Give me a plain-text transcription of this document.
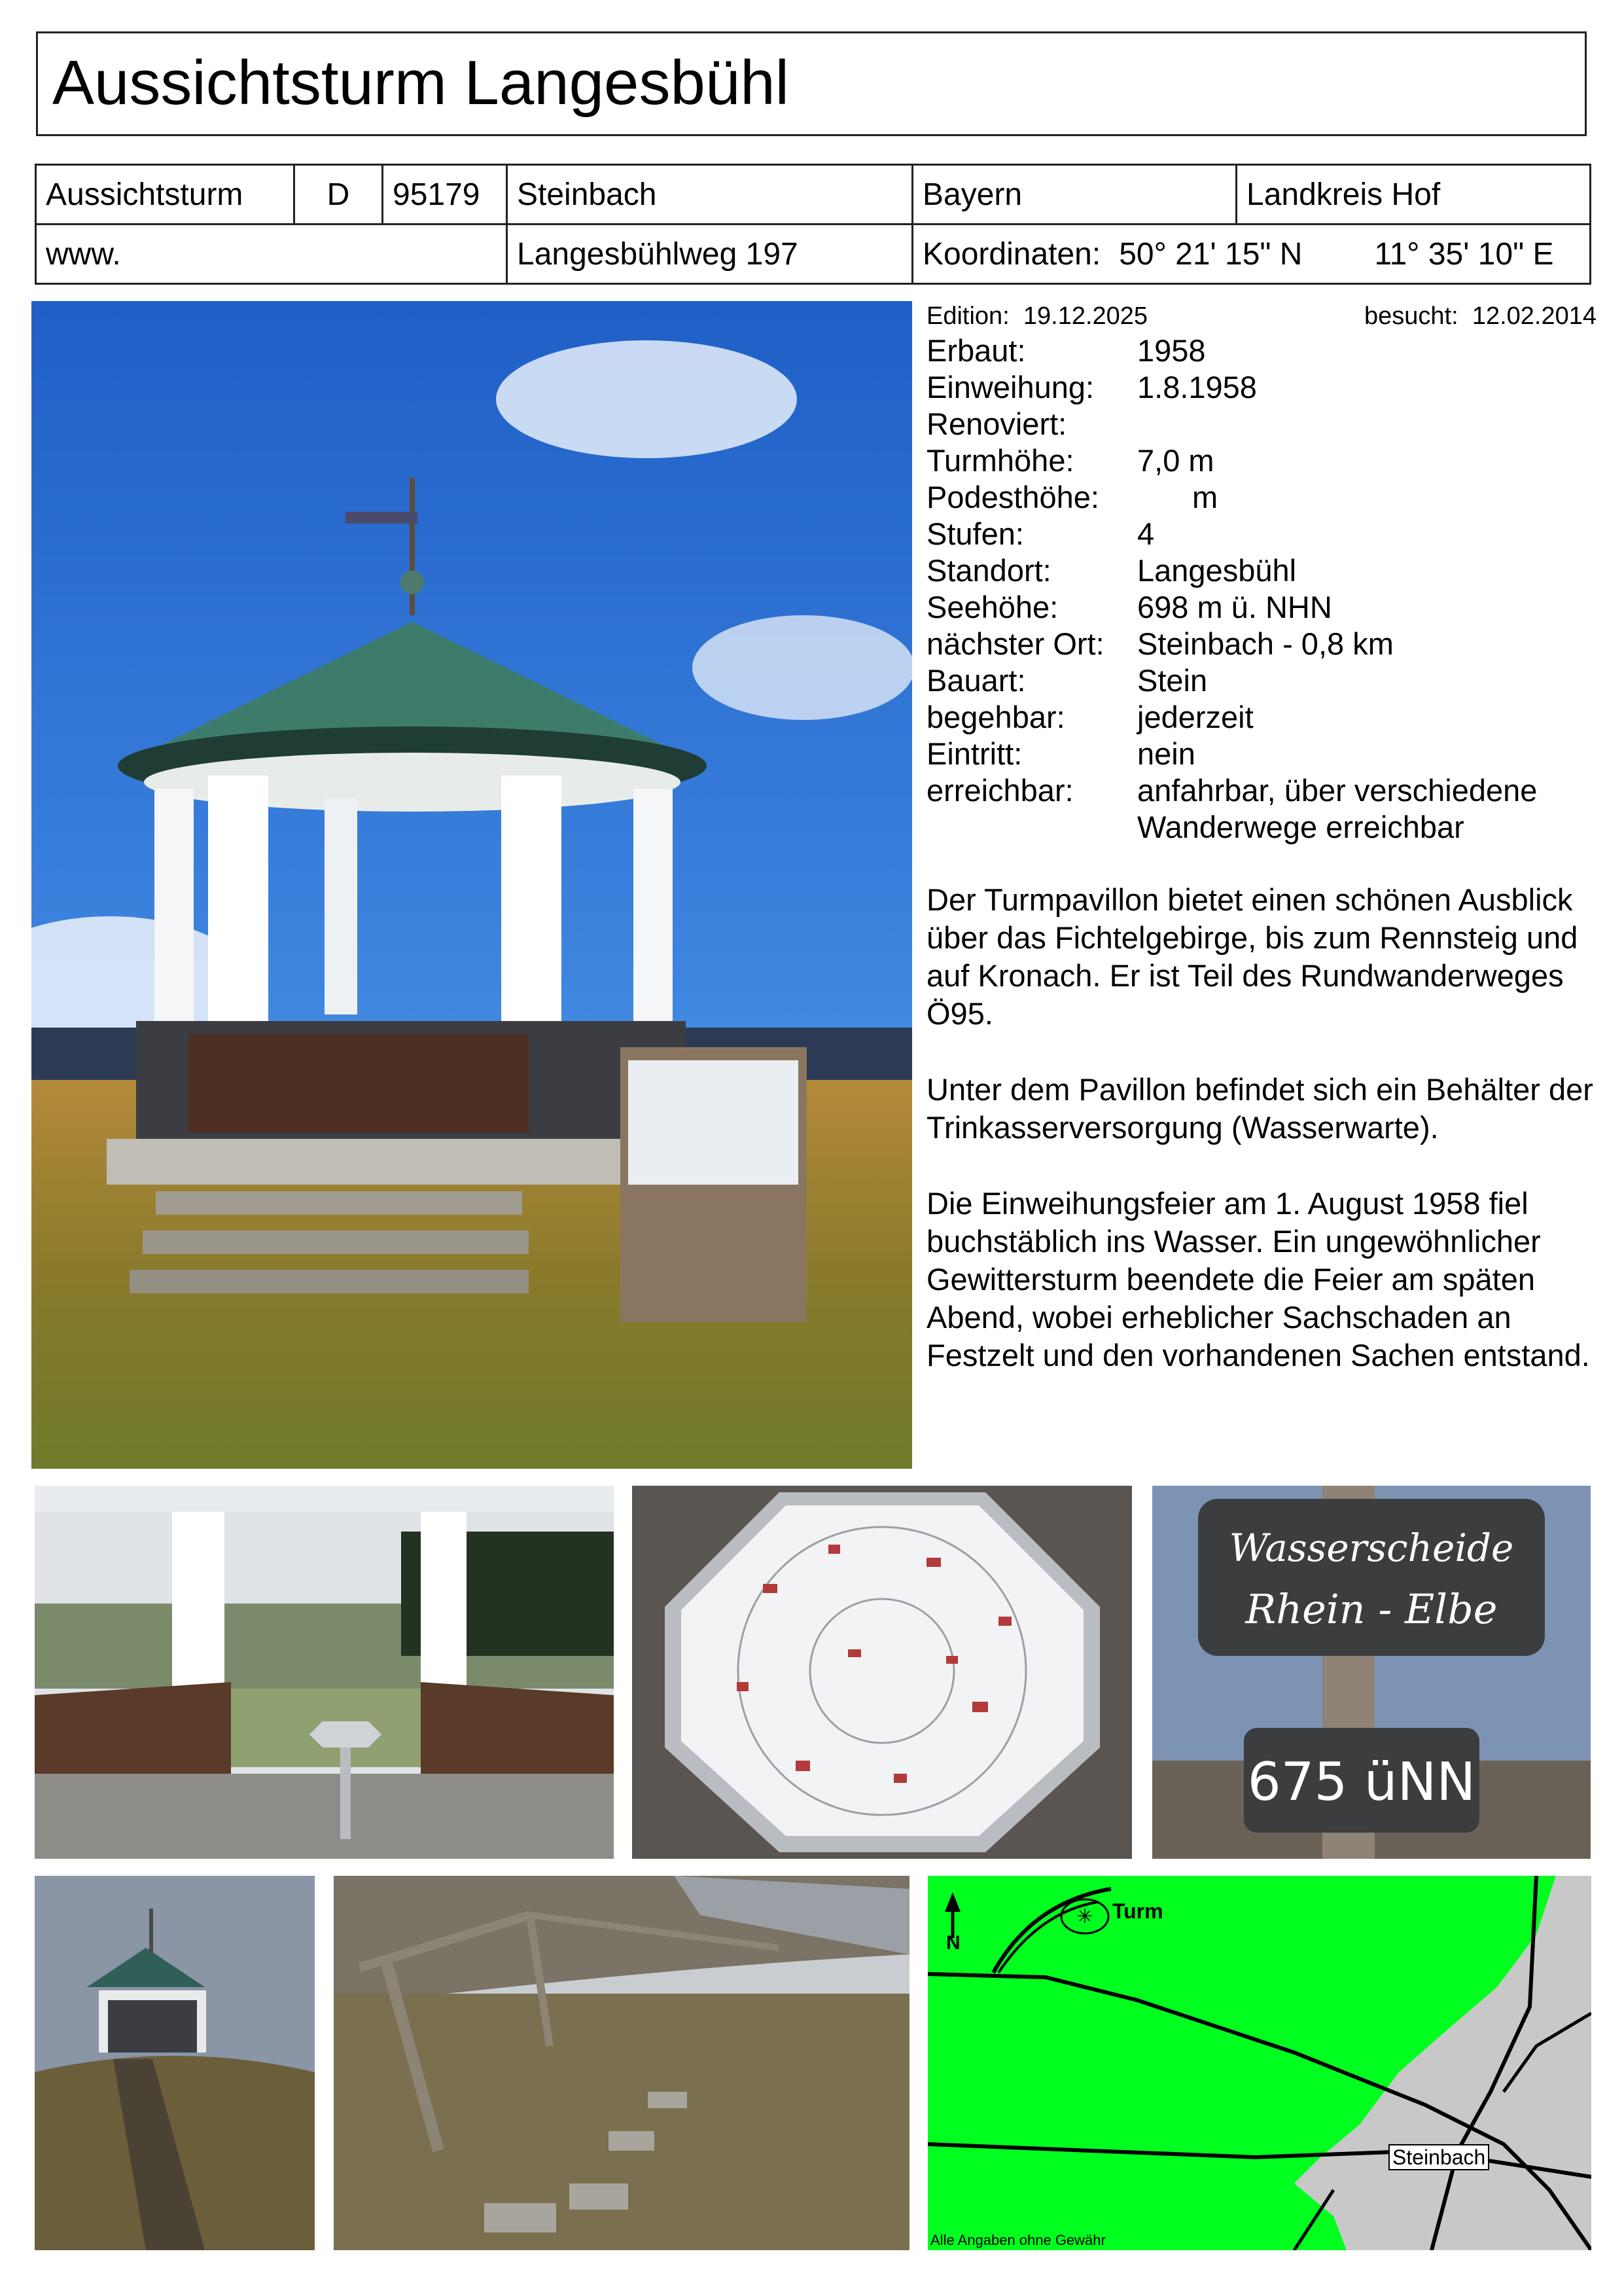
Aussichtsturm Langesbühl
Aussichtsturm	D	95179	Steinbach	Bayern	Landkreis Hof
www.			Langesbühlweg 197	Koordinaten: 50° 21' 15" N 11° 35' 10" E	
Edition: 19.12.2025	besucht: 12.02.2014
Erbaut:	1958
Einweihung:	1.8.1958
Renoviert:
Turmhöhe:	7,0 m
Podesthöhe:	m
Stufen:	4
Standort:	Langesbühl
Seehöhe:	698 m ü. NHN
nächster Ort:	Steinbach - 0,8 km
Bauart:	Stein
begehbar:	jederzeit
Eintritt:	nein
erreichbar:	anfahrbar, über verschiedene Wanderwege erreichbar

Der Turmpavillon bietet einen schönen Ausblick über das Fichtelgebirge, bis zum Rennsteig und auf Kronach. Er ist Teil des Rundwanderweges Ö95.

Unter dem Pavillon befindet sich ein Behälter der Trinkasserversorgung (Wasserwarte).

Die Einweihungsfeier am 1. August 1958 fiel buchstäblich ins Wasser. Ein ungewöhnlicher Gewittersturm beendete die Feier am späten Abend, wobei erheblicher Sachschaden an Festzelt und den vorhandenen Sachen entstand.

Wasserscheide
Rhein - Elbe
675 üNN
✳ Turm
N
Steinbach
Alle Angaben ohne Gewähr
